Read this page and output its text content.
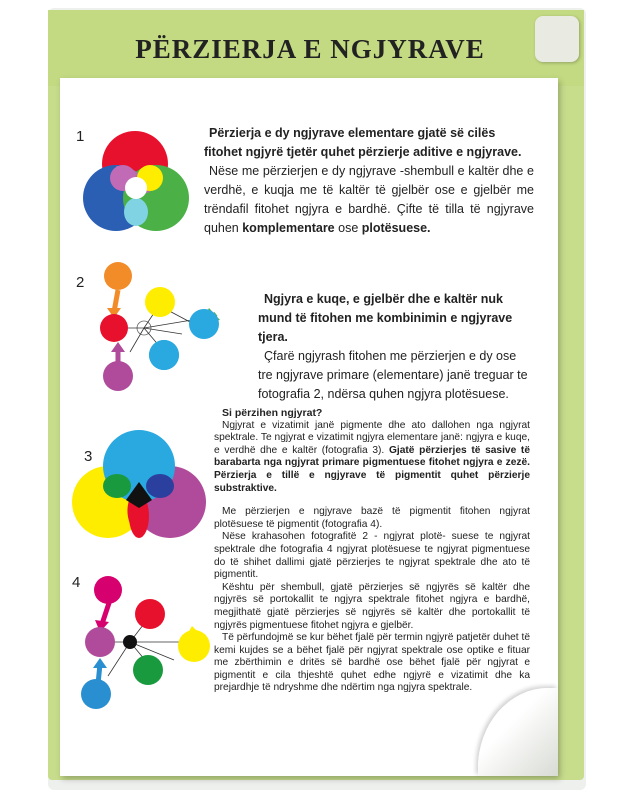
PËRZIERJA E NGJYRAVE
1
2
3
4

Përzierja e dy ngjyrave elementare gjatë së cilës fitohet ngjyrë tjetër quhet përzierje aditive e ngjyrave.

Nëse me përzierjen e dy ngjyrave -shembull e kaltër dhe e verdhë, e kuqja me të kaltër të gjelbër ose e gjelbër me trëndafil fitohet ngjyra e bardhë. Çifte të tilla të ngjyrave quhen komplementare ose plotësuese.

Ngjyra e kuqe, e gjelbër dhe e kaltër nuk mund të fitohen me kombinimin e ngjyrave tjera.

Çfarë ngjyrash fitohen me përzierjen e dy ose tre ngjyrave primare (elementare) janë treguar te fotografia 2, ndërsa quhen ngjyra plotësuese.

Si përzihen ngjyrat?

Ngjyrat e vizatimit janë pigmente dhe ato dallohen nga ngjyrat spektrale. Te ngjyrat e vizatimit ngjyra elementare janë: ngjyra e kuqe, e verdhë dhe e kaltër (fotografia 3). Gjatë përzierjes të sasive të barabarta nga ngjyrat primare pigmentuese fitohet ngjyra e zezë. Përzierja e tillë e ngjyrave të pigmentit quhet përzierje substraktive.

Me përzierjen e ngjyrave bazë të pigmentit fitohen ngjyrat plotësuese të pigmentit (fotografia 4).

Nëse krahasohen fotografitë 2 - ngjyrat plotë- suese te ngjyrat spektrale dhe fotografia 4 ngjyrat plotësuese te ngjyrat pigmentuese do të shihet dallimi gjatë përzierjes te ngjyrat spektrale dhe ato të pigmentit.

Kështu për shembull, gjatë përzierjes së ngjyrës së kaltër dhe ngjyrës së portokallit te ngjyra spektrale fitohet ngjyra e bardhë, megjithatë gjatë përzierjes së ngjyrës së kaltër dhe portokallit të ngjyrës pigmentuese fitohet ngjyra e gjelbër.

Të përfundojmë se kur bëhet fjalë për termin ngjyrë patjetër duhet të kemi kujdes se a bëhet fjalë për ngjyrat spektrale ose optike e fituar me zbërthimin e dritës së bardhë ose bëhet fjalë për ngjyrat e pigmentit e cila thjeshtë quhet edhe ngjyrë e vizatimit dhe ka prejardhje të ndryshme dhe ndërtim nga ngjyra spektrale.
